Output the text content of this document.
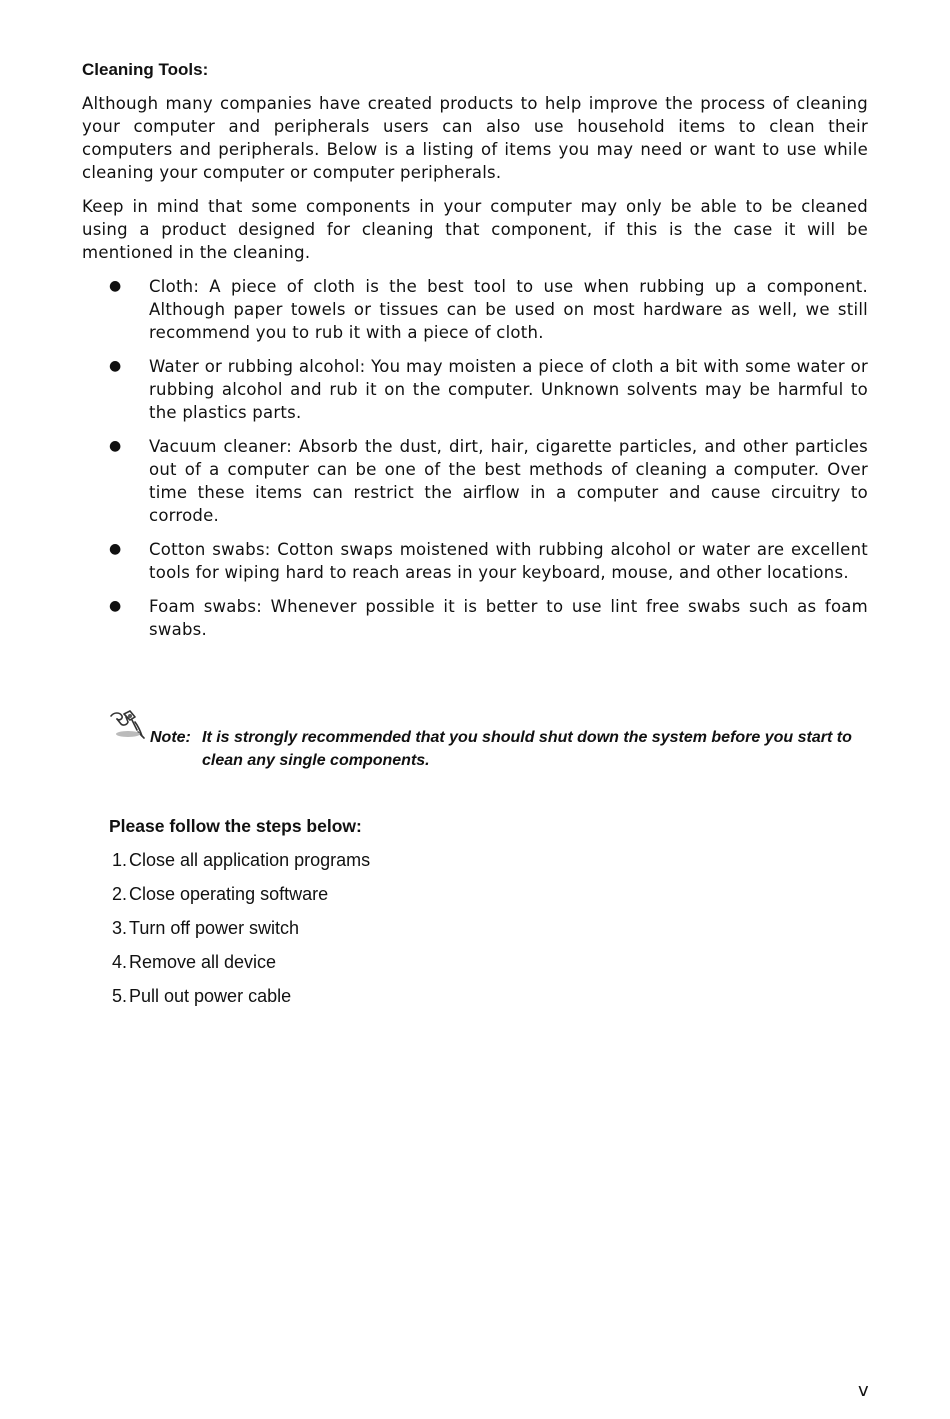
Cleaning Tools:

Although many companies have created products to help improve the process of cleaning your computer and peripherals users can also use household items to clean their computers and peripherals. Below is a listing of items you may need or want to use while cleaning your computer or computer peripherals.

Keep in mind that some components in your computer may only be able to be cleaned using a product designed for cleaning that component, if this is the case it will be mentioned in the cleaning.

● Cloth: A piece of cloth is the best tool to use when rubbing up a component. Although paper towels or tissues can be used on most hardware as well, we still recommend you to rub it with a piece of cloth.
● Water or rubbing alcohol: You may moisten a piece of cloth a bit with some water or rubbing alcohol and rub it on the computer. Unknown solvents may be harmful to the plastics parts.
● Vacuum cleaner: Absorb the dust, dirt, hair, cigarette particles, and other particles out of a computer can be one of the best methods of cleaning a computer. Over time these items can restrict the airflow in a computer and cause circuitry to corrode.
● Cotton swabs: Cotton swaps moistened with rubbing alcohol or water are excellent tools for wiping hard to reach areas in your keyboard, mouse, and other locations.
● Foam swabs: Whenever possible it is better to use lint free swabs such as foam swabs.
Note: It is strongly recommended that you should shut down the system before you start to clean any single components.
Please follow the steps below:
1. Close all application programs
2. Close operating software
3. Turn off power switch
4. Remove all device
5. Pull out power cable
v
